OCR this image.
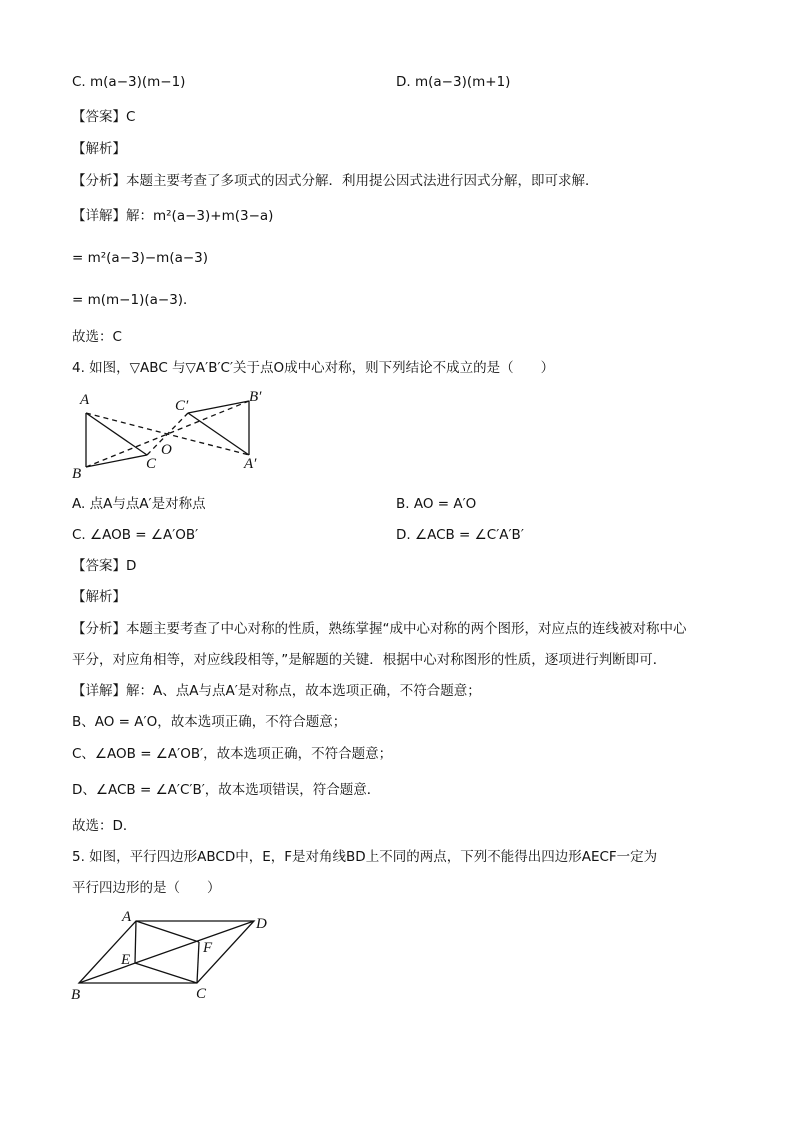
C. m(a−3)(m−1)	D. m(a−3)(m+1)
【答案】C
【解析】
【分析】本题主要考查了多项式的因式分解．利用提公因式法进行因式分解，即可求解．
【详解】解：m²(a−3)+m(3−a)
= m²(a−3)−m(a−3)
= m(m−1)(a−3)．
故选：C
4. 如图，▽ABC 与▽A′B′C′关于点O成中心对称，则下列结论不成立的是（　　）
A
B
C
O
C′
B′
A′
A. 点A与点A′是对称点	B. AO = A′O
C. ∠AOB = ∠A′OB′	D. ∠ACB = ∠C′A′B′
【答案】D
【解析】
【分析】本题主要考查了中心对称的性质，熟练掌握“成中心对称的两个图形，对应点的连线被对称中心
平分，对应角相等，对应线段相等，”是解题的关键．根据中心对称图形的性质，逐项进行判断即可．
【详解】解：A、点A与点A′是对称点，故本选项正确，不符合题意；
B、AO = A′O，故本选项正确，不符合题意；
C、∠AOB = ∠A′OB′，故本选项正确，不符合题意；
D、∠ACB = ∠A′C′B′，故本选项错误，符合题意．
故选：D．
5. 如图，平行四边形ABCD中，E，F是对角线BD上不同的两点，下列不能得出四边形AECF一定为
平行四边形的是（　　）
A
B	C
D
E
F
